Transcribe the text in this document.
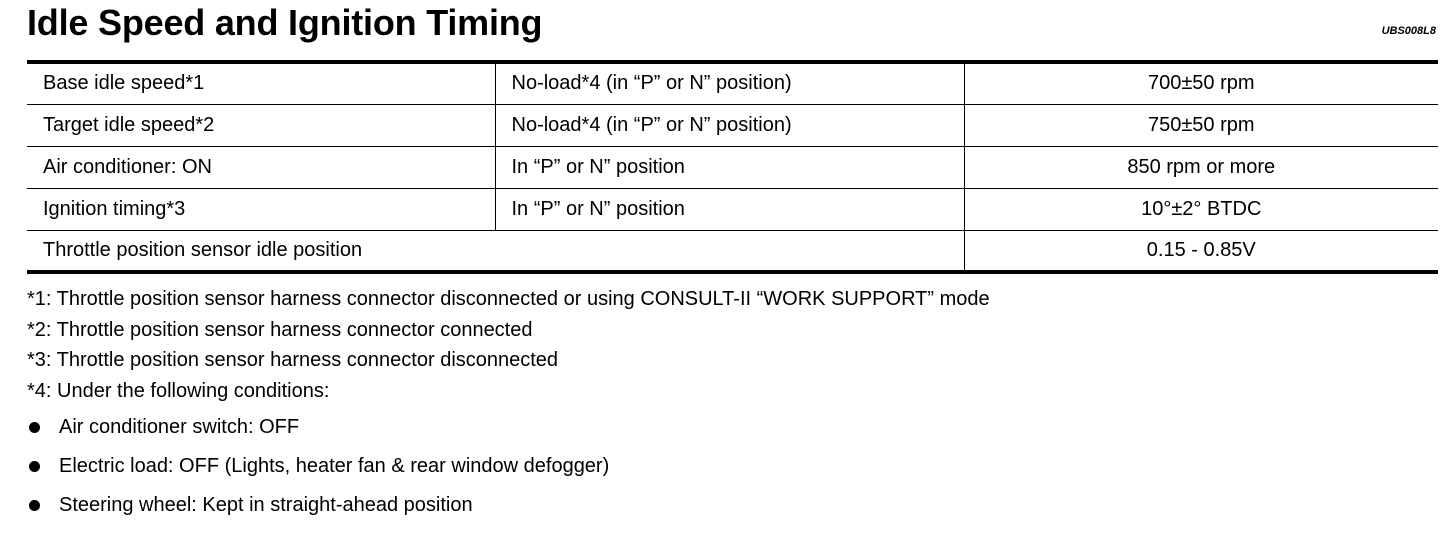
Idle Speed and Ignition Timing	UBS008L8
Base idle speed*1	No-load*4 (in “P” or N” position)	700±50 rpm
Target idle speed*2	No-load*4 (in “P” or N” position)	750±50 rpm
Air conditioner: ON	In “P” or N” position	850 rpm or more
Ignition timing*3	In “P” or N” position	10°±2° BTDC
Throttle position sensor idle position		0.15 - 0.85V
*1: Throttle position sensor harness connector disconnected or using CONSULT-II “WORK SUPPORT” mode
*2: Throttle position sensor harness connector connected
*3: Throttle position sensor harness connector disconnected
*4: Under the following conditions:
Air conditioner switch: OFF
Electric load: OFF (Lights, heater fan & rear window defogger)
Steering wheel: Kept in straight-ahead position
